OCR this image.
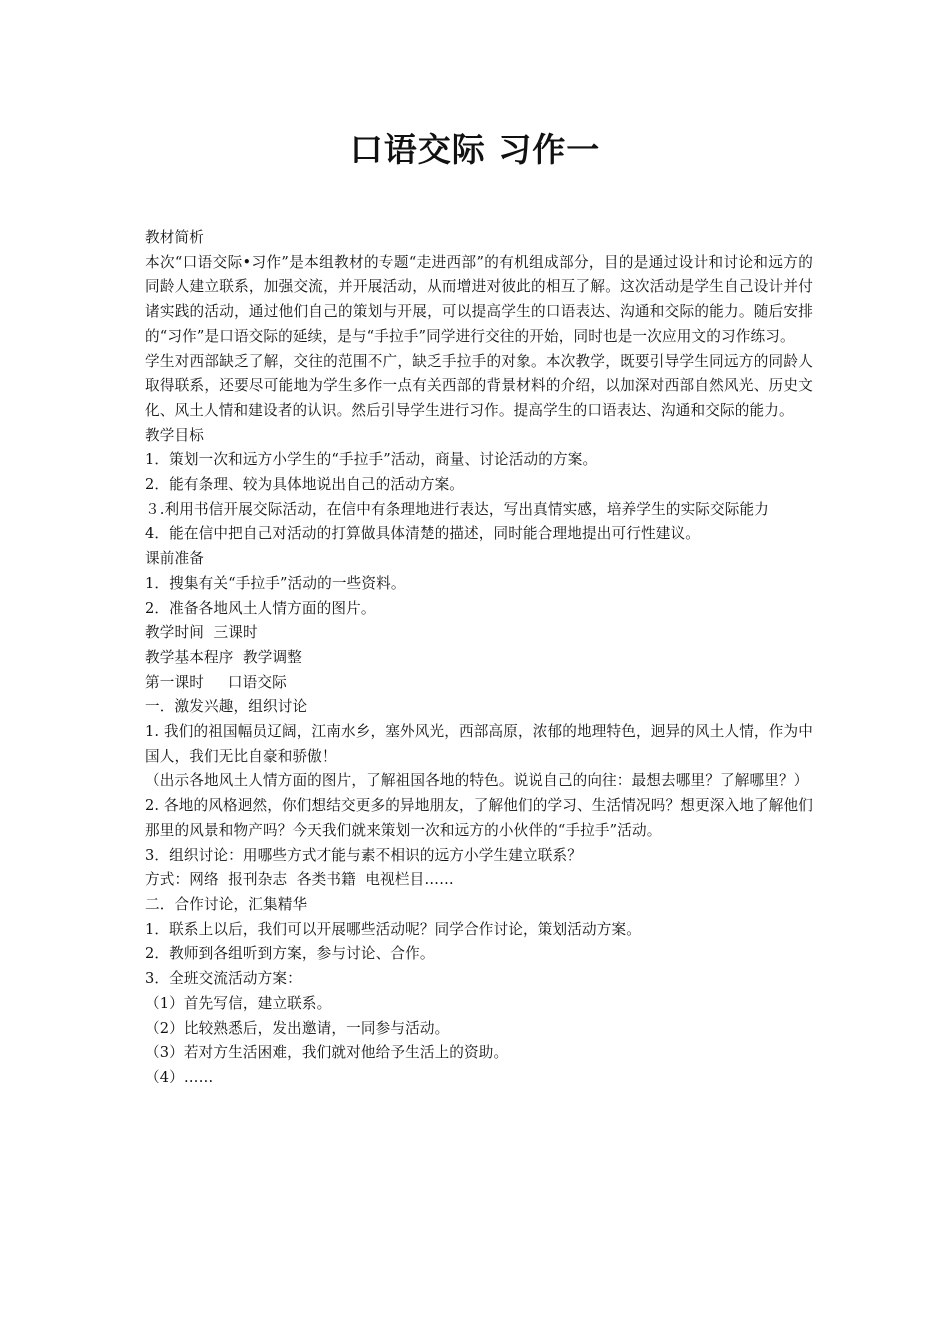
口语交际 习作一

教材简析

本次“口语交际•习作”是本组教材的专题“走进西部”的有机组成部分，目的是通过设计和讨论和远方的同龄人建立联系，加强交流，并开展活动，从而增进对彼此的相互了解。这次活动是学生自己设计并付诸实践的活动，通过他们自己的策划与开展，可以提高学生的口语表达、沟通和交际的能力。随后安排的“习作”是口语交际的延续，是与“手拉手”同学进行交往的开始，同时也是一次应用文的习作练习。

学生对西部缺乏了解，交往的范围不广，缺乏手拉手的对象。本次教学，既要引导学生同远方的同龄人取得联系，还要尽可能地为学生多作一点有关西部的背景材料的介绍，以加深对西部自然风光、历史文化、风土人情和建设者的认识。然后引导学生进行习作。提高学生的口语表达、沟通和交际的能力。

教学目标

1．策划一次和远方小学生的“手拉手”活动，商量、讨论活动的方案。

2．能有条理、较为具体地说出自己的活动方案。

３.利用书信开展交际活动，在信中有条理地进行表达，写出真情实感，培养学生的实际交际能力

4．能在信中把自己对活动的打算做具体清楚的描述，同时能合理地提出可行性建议。

课前准备

1．搜集有关“手拉手”活动的一些资料。

2．准备各地风土人情方面的图片。

教学时间  三课时

教学基本程序  教学调整

第一课时     口语交际

一．激发兴趣，组织讨论

1. 我们的祖国幅员辽阔，江南水乡，塞外风光，西部高原，浓郁的地理特色，迥异的风土人情，作为中国人，我们无比自豪和骄傲！

（出示各地风土人情方面的图片，了解祖国各地的特色。说说自己的向往：最想去哪里？了解哪里？）

2. 各地的风格迥然，你们想结交更多的异地朋友，了解他们的学习、生活情况吗？想更深入地了解他们那里的风景和物产吗？今天我们就来策划一次和远方的小伙伴的“手拉手”活动。

3．组织讨论：用哪些方式才能与素不相识的远方小学生建立联系？

方式：网络  报刊杂志  各类书籍  电视栏目……

二．合作讨论，汇集精华

1．联系上以后，我们可以开展哪些活动呢？同学合作讨论，策划活动方案。

2．教师到各组听到方案，参与讨论、合作。

3．全班交流活动方案：

（1）首先写信，建立联系。

（2）比较熟悉后，发出邀请，一同参与活动。

（3）若对方生活困难，我们就对他给予生活上的资助。

（4）……
